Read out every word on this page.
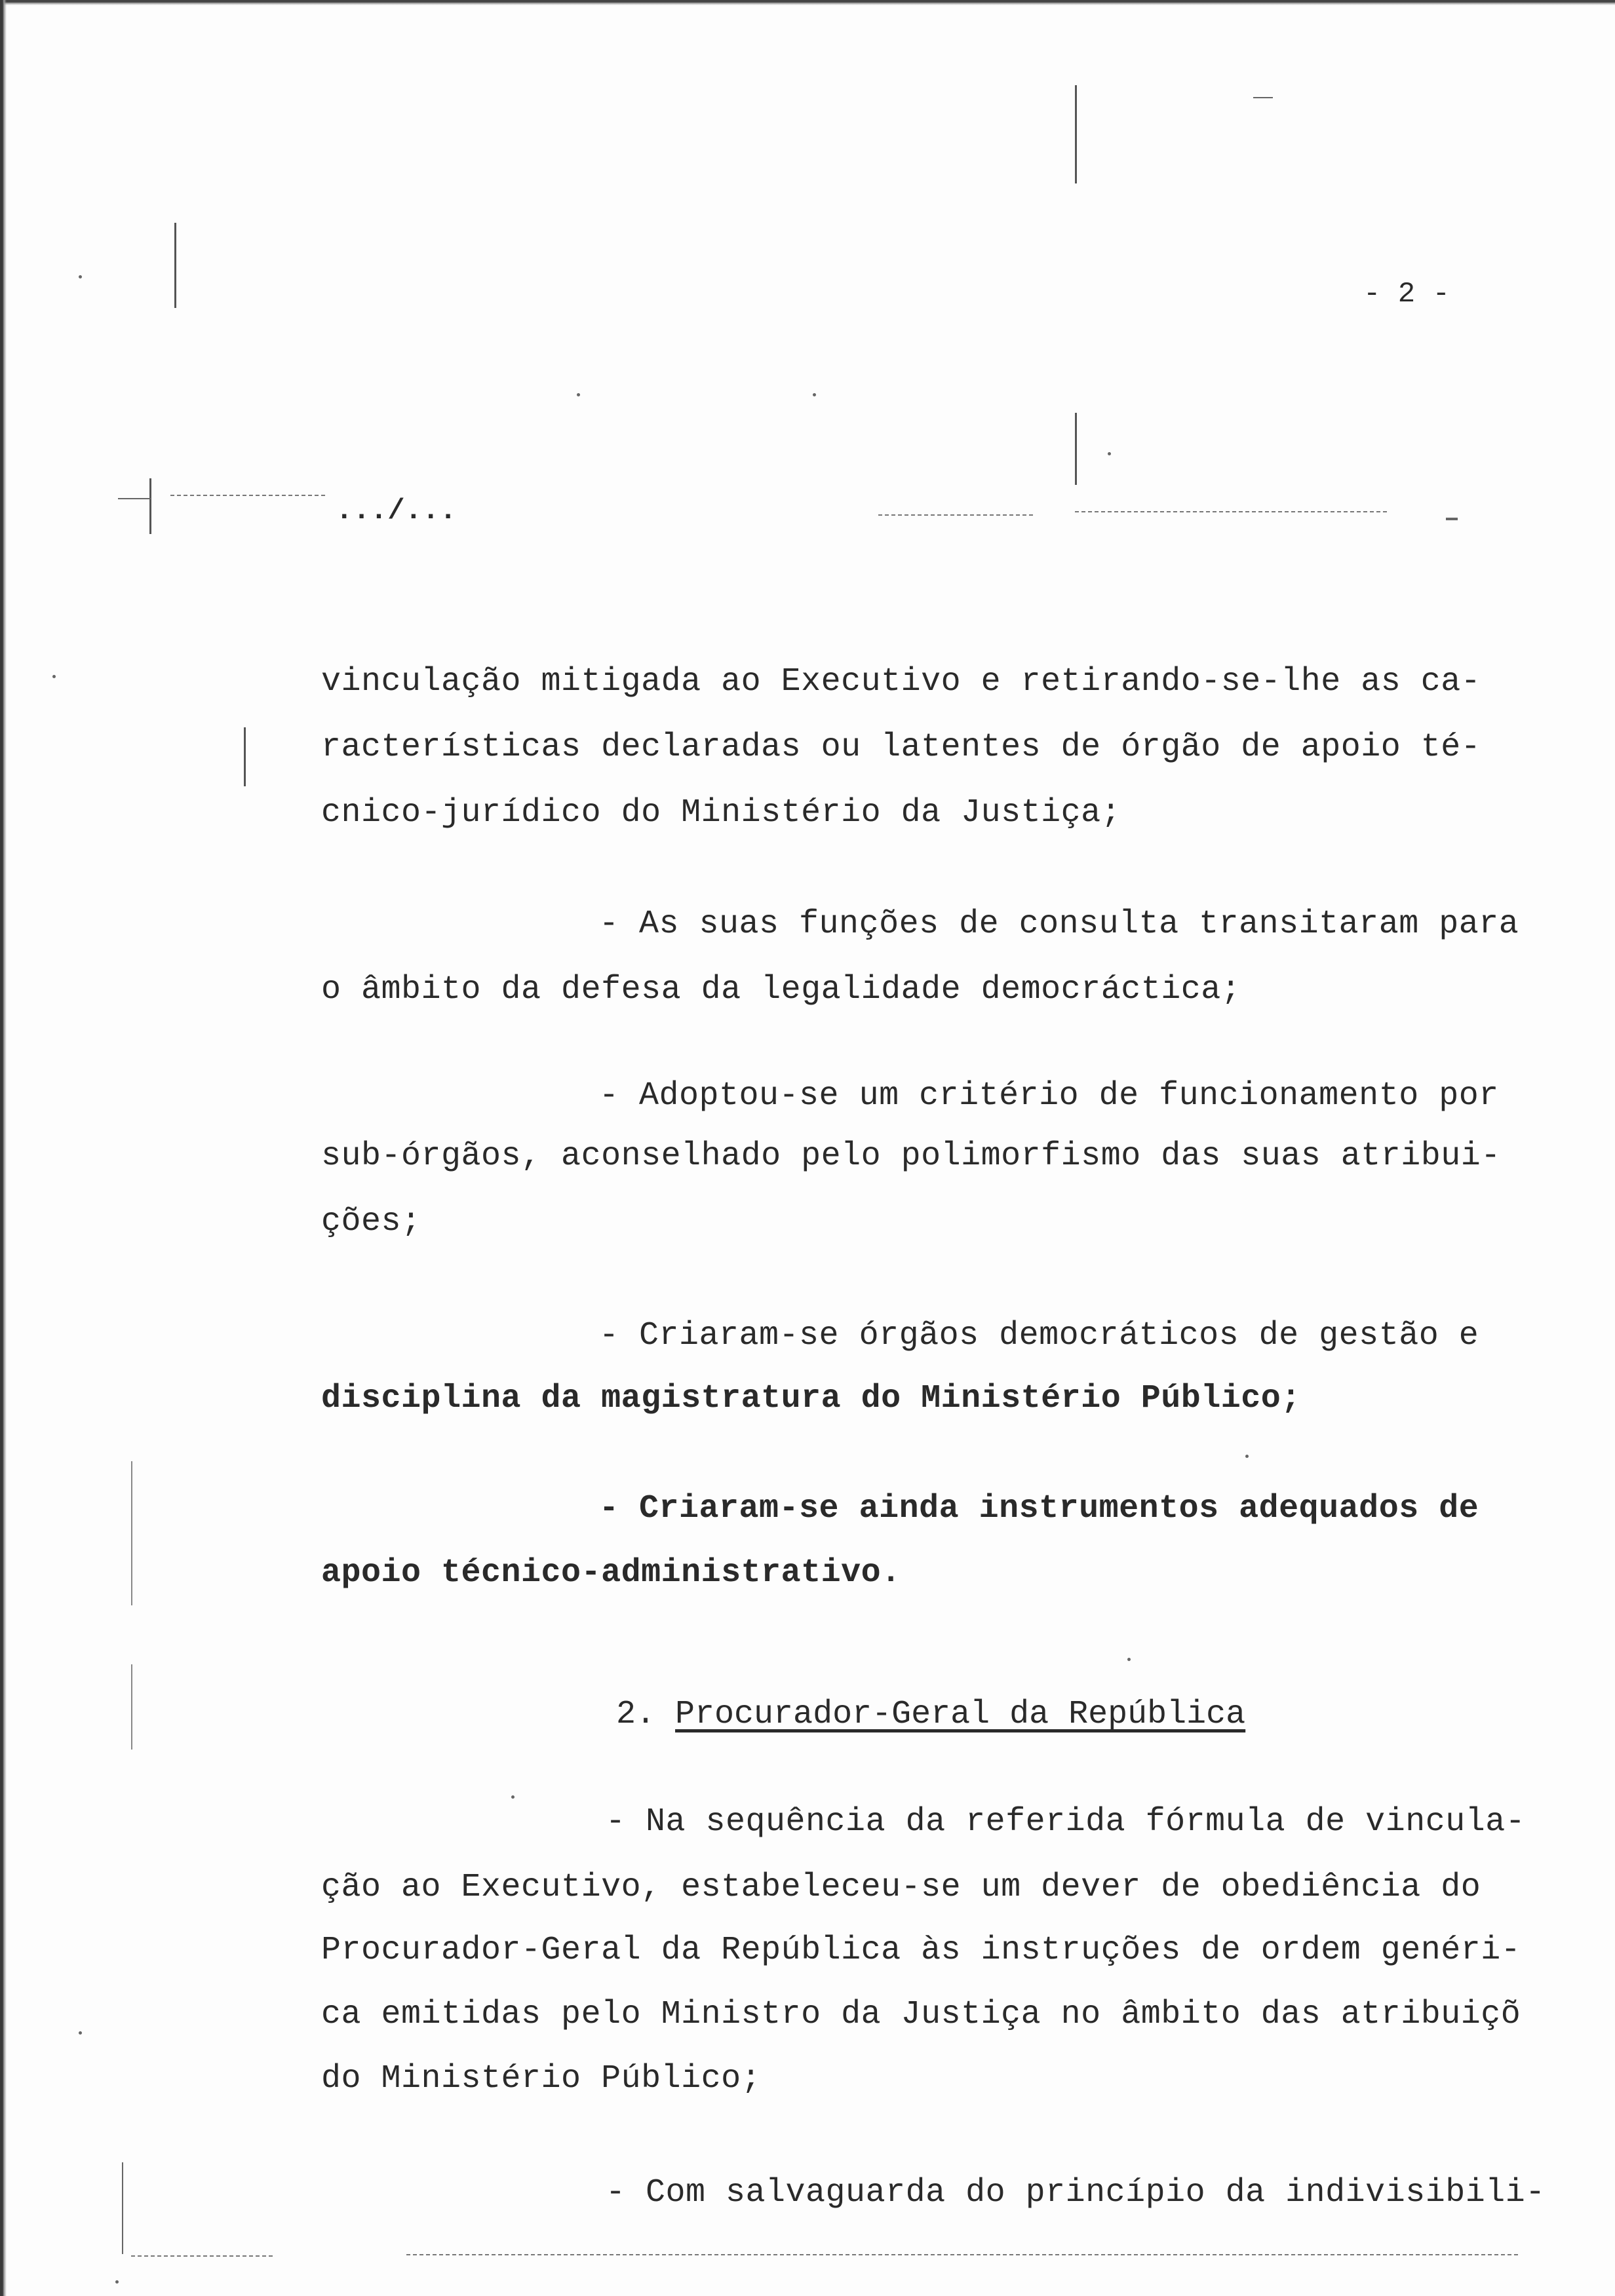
- 2 -
.../...
vinculação mitigada ao Executivo e retirando-se-lhe as ca-
racterísticas declaradas ou latentes de órgão de apoio té-
cnico-jurídico do Ministério da Justiça;
- As suas funções de consulta transitaram para
o âmbito da defesa da legalidade democráctica;
- Adoptou-se um critério de funcionamento por
sub-órgãos, aconselhado pelo polimorfismo das suas atribui-
ções;
- Criaram-se órgãos democráticos de gestão e
disciplina da magistratura do Ministério Público;
- Criaram-se ainda instrumentos adequados de
apoio técnico-administrativo.
2. Procurador-Geral da República
- Na sequência da referida fórmula de vincula-
ção ao Executivo, estabeleceu-se um dever de obediência do
Procurador-Geral da República às instruções de ordem genéri-
ca emitidas pelo Ministro da Justiça no âmbito das atribuiçõ
do Ministério Público;
- Com salvaguarda do princípio da indivisibili-
